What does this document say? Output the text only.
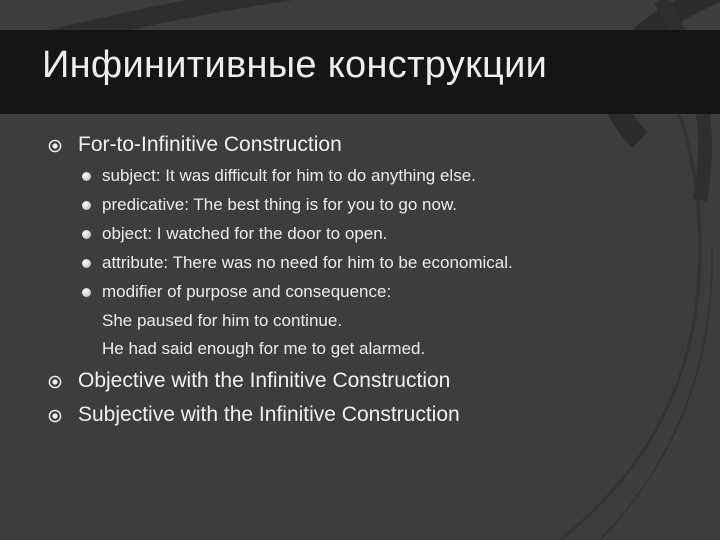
Инфинитивные конструкции
For-to-Infinitive Construction
subject: It was difficult for him to do anything else.
predicative: The best thing is for you to go now.
object: I watched for the door to open.
attribute: There was no need for him to be economical.
modifier of purpose and consequence:
She paused for him to continue.
He had said enough for me to get alarmed.
Objective with the Infinitive Construction
Subjective with the Infinitive Construction
